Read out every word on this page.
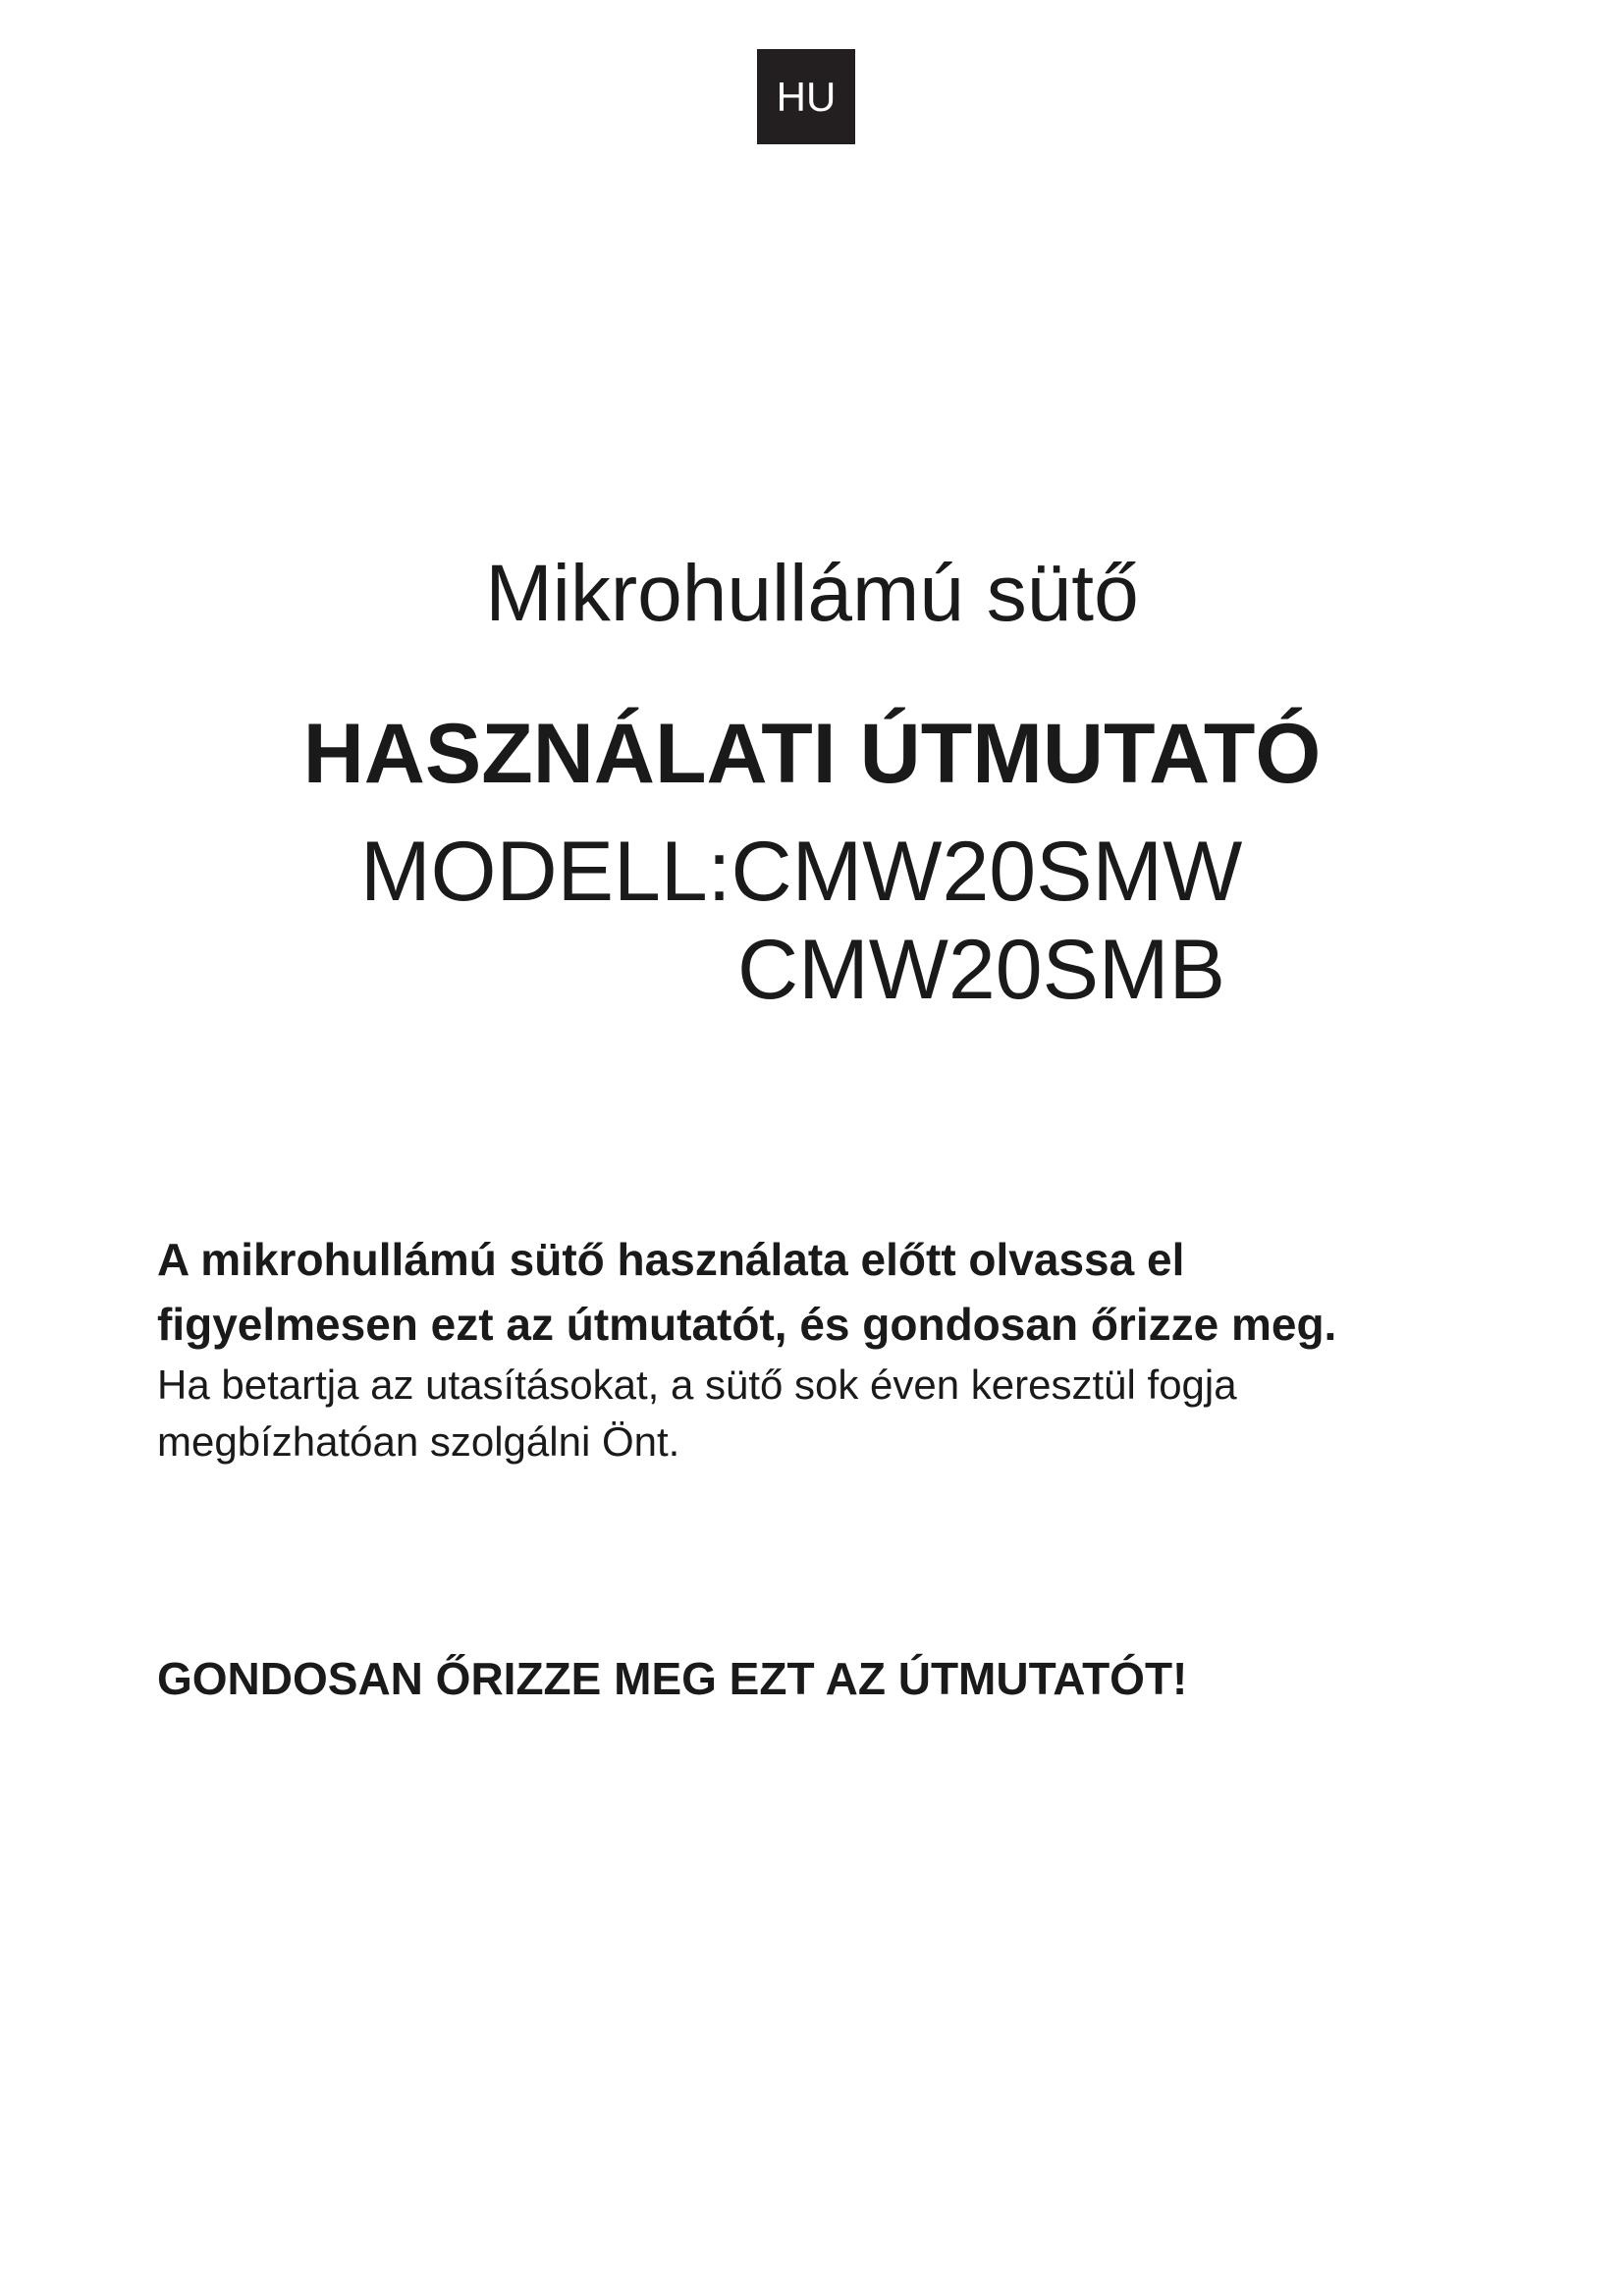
HU
Mikrohullámú sütő
HASZNÁLATI ÚTMUTATÓ
MODELL:CMW20SMW
CMW20SMB
A mikrohullámú sütő használata előtt olvassa el
figyelmesen ezt az útmutatót, és gondosan őrizze meg.
Ha betartja az utasításokat, a sütő sok éven keresztül fogja
megbízhatóan szolgálni Önt.
GONDOSAN ŐRIZZE MEG EZT AZ ÚTMUTATÓT!
